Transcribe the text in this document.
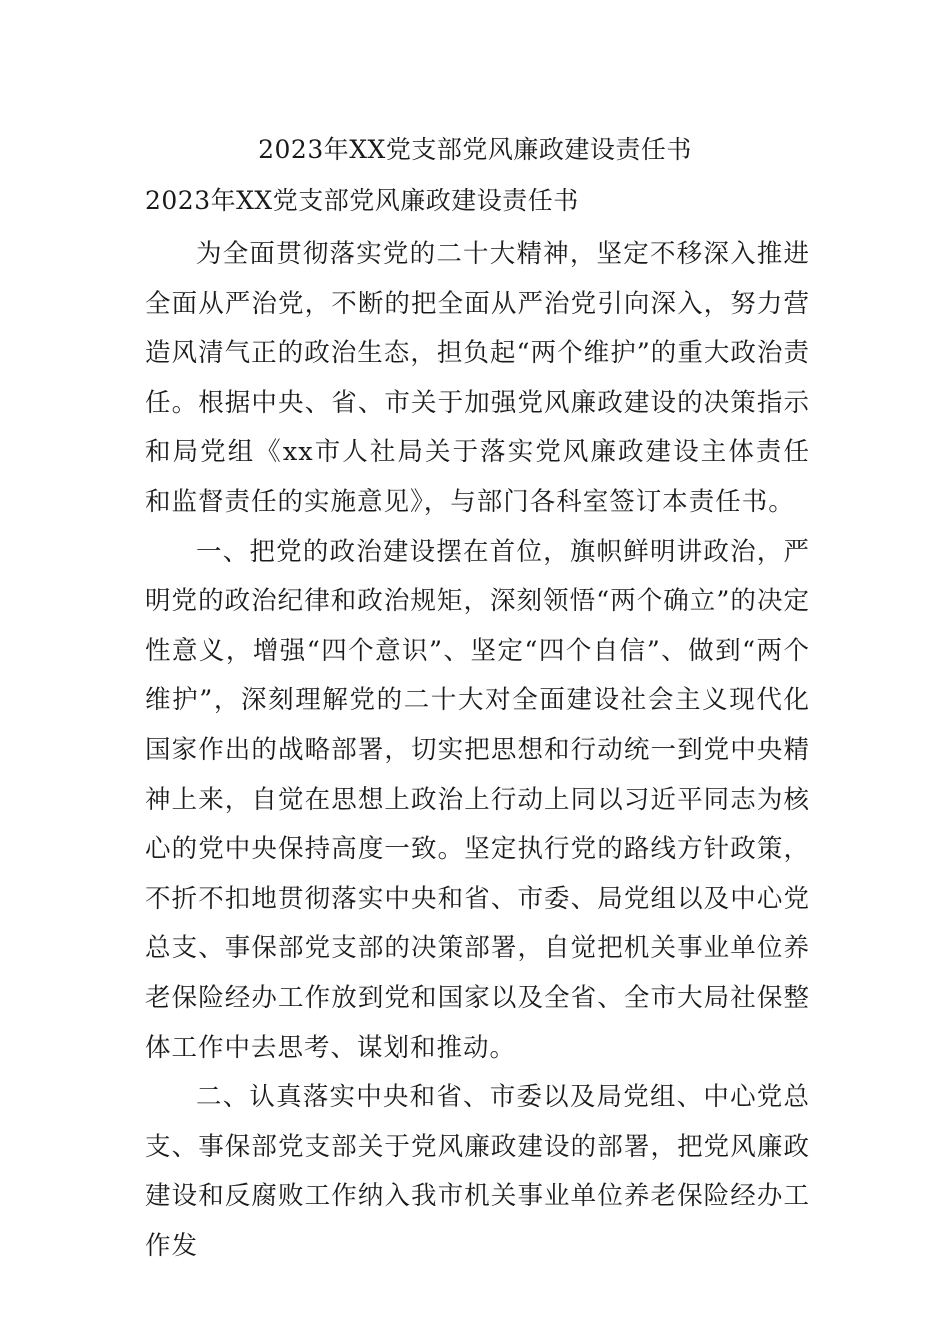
2023年XX党支部党风廉政建设责任书
2023年XX党支部党风廉政建设责任书

为全面贯彻落实党的二十大精神，坚定不移深入推进全面从严治党，不断的把全面从严治党引向深入，努力营造风清气正的政治生态，担负起“两个维护”的重大政治责任。根据中央、省、市关于加强党风廉政建设的决策指示和局党组《xx市人社局关于落实党风廉政建设主体责任和监督责任的实施意见》，与部门各科室签订本责任书。

一、把党的政治建设摆在首位，旗帜鲜明讲政治，严明党的政治纪律和政治规矩，深刻领悟“两个确立”的决定性意义，增强“四个意识”、坚定“四个自信”、做到“两个维护”，深刻理解党的二十大对全面建设社会主义现代化国家作出的战略部署，切实把思想和行动统一到党中央精神上来，自觉在思想上政治上行动上同以习近平同志为核心的党中央保持高度一致。坚定执行党的路线方针政策，不折不扣地贯彻落实中央和省、市委、局党组以及中心党总支、事保部党支部的决策部署，自觉把机关事业单位养老保险经办工作放到党和国家以及全省、全市大局社保整体工作中去思考、谋划和推动。

二、认真落实中央和省、市委以及局党组、中心党总支、事保部党支部关于党风廉政建设的部署，把党风廉政建设和反腐败工作纳入我市机关事业单位养老保险经办工作发
